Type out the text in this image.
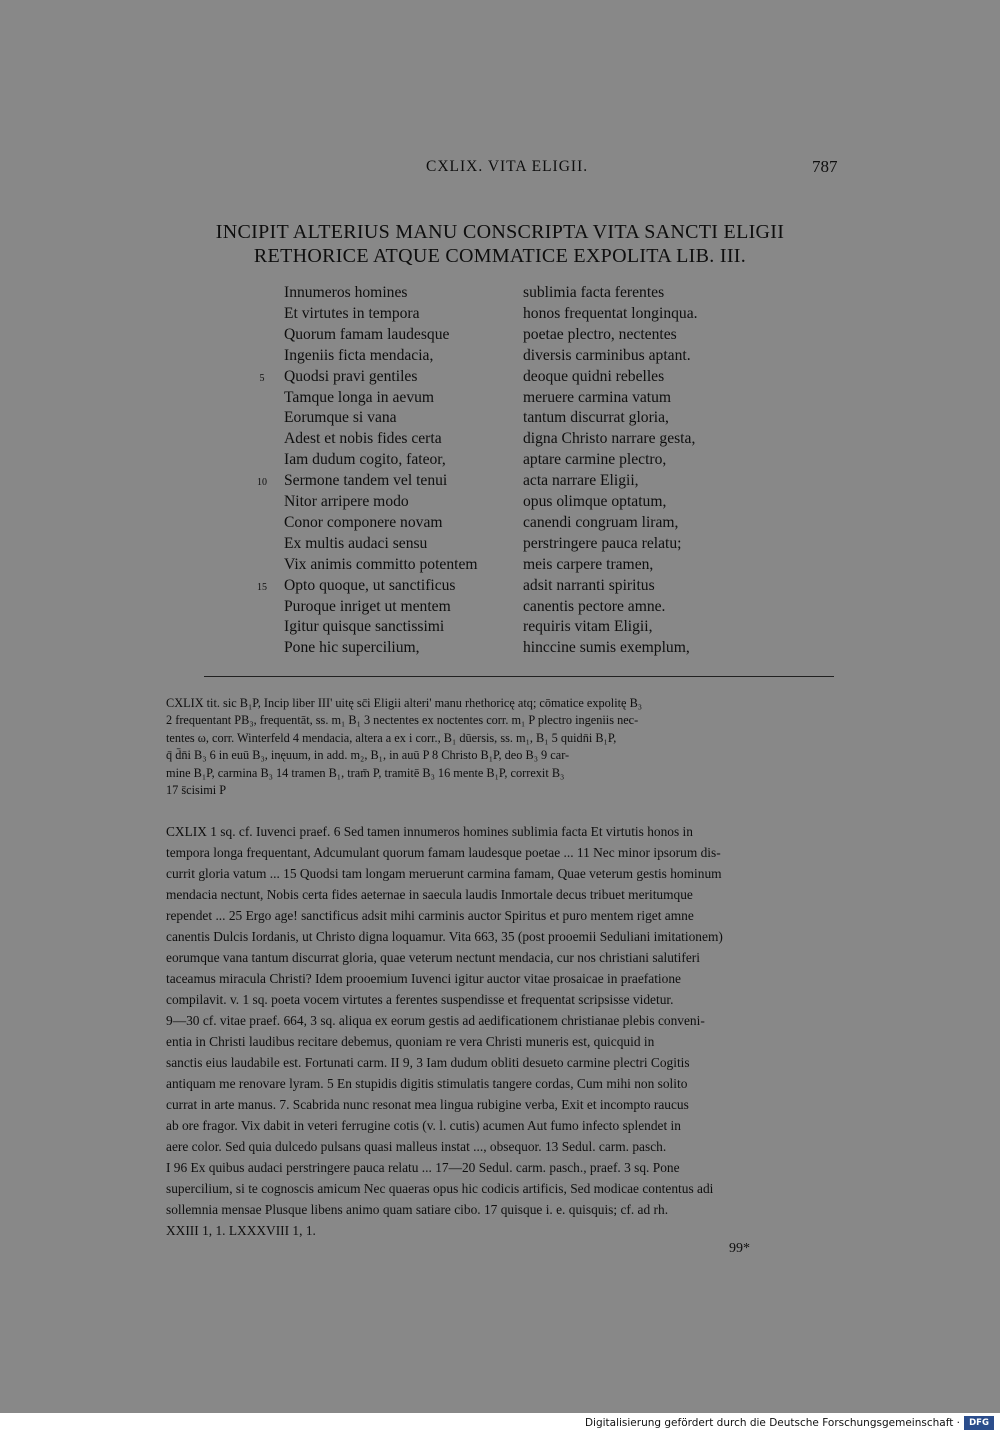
CXLIX. VITA ELIGII.	787
INCIPIT ALTERIUS MANU CONSCRIPTA VITA SANCTI ELIGII
RETHORICE ATQUE COMMATICE EXPOLITA LIB. III.
Innumeros homines	sublimia facta ferentes
Et virtutes in tempora	honos frequentat longinqua.
Quorum famam laudesque	poetae plectro, nectentes
Ingeniis ficta mendacia,	diversis carminibus aptant.
5	Quodsi pravi gentiles	deoque quidni rebelles
Tamque longa in aevum	meruere carmina vatum
Eorumque si vana	tantum discurrat gloria,
Adest et nobis fides certa	digna Christo narrare gesta,
Iam dudum cogito, fateor,	aptare carmine plectro,
10	Sermone tandem vel tenui	acta narrare Eligii,
Nitor arripere modo	opus olimque optatum,
Conor componere novam	canendi congruam liram,
Ex multis audaci sensu	perstringere pauca relatu;
Vix animis committo potentem	meis carpere tramen,
15	Opto quoque, ut sanctificus	adsit narranti spiritus
Puroque inriget ut mentem	canentis pectore amne.
Igitur quisque sanctissimi	requiris vitam Eligii,
Pone hic supercilium,	hinccine sumis exemplum,
CXLIX tit. sic B₁P, Incip liber III' uitę sc̄i Eligii alteri' manu rhethoricę atq; cōmatice expolitę B₃
2 frequentant PB₃, frequentāt, ss. m₁ B₁ 3 nectentes ex noctentes corr. m₁ P plectro ingeniis nec-
tentes ω, corr. Winterfeld 4 mendacia, altera a ex i corr., B₁ dūersis, ss. m₁, B₁ 5 quidn̄i B₁P,
q̄ d̄n̄i B₃ 6 in euū B₃, inęuum, in add. m₂, B₁, in auū P 8 Christo B₁P, deo B₃ 9 car-
mine B₁P, carmina B₃ 14 tramen B₁, tram̄ P, tramitē B₃ 16 mente B₁P, correxit B₃
17 s̄cisimi P
CXLIX 1 sq. cf. Iuvenci praef. 6 Sed tamen innumeros homines sublimia facta Et virtutis honos in
tempora longa frequentant, Adcumulant quorum famam laudesque poetae ... 11 Nec minor ipsorum dis-
currit gloria vatum ... 15 Quodsi tam longam meruerunt carmina famam, Quae veterum gestis hominum
mendacia nectunt, Nobis certa fides aeternae in saecula laudis Inmortale decus tribuet meritumque
rependet ... 25 Ergo age! sanctificus adsit mihi carminis auctor Spiritus et puro mentem riget amne
canentis Dulcis Iordanis, ut Christo digna loquamur. Vita 663, 35 (post prooemii Seduliani imitationem)
eorumque vana tantum discurrat gloria, quae veterum nectunt mendacia, cur nos christiani salutiferi
taceamus miracula Christi? Idem prooemium Iuvenci igitur auctor vitae prosaicae in praefatione
compilavit. v. 1 sq. poeta vocem virtutes a ferentes suspendisse et frequentat scripsisse videtur.
9—30 cf. vitae praef. 664, 3 sq. aliqua ex eorum gestis ad aedificationem christianae plebis conveni-
entia in Christi laudibus recitare debemus, quoniam re vera Christi muneris est, quicquid in
sanctis eius laudabile est. Fortunati carm. II 9, 3 Iam dudum obliti desueto carmine plectri Cogitis
antiquam me renovare lyram. 5 En stupidis digitis stimulatis tangere cordas, Cum mihi non solito
currat in arte manus. 7. Scabrida nunc resonat mea lingua rubigine verba, Exit et incompto raucus
ab ore fragor. Vix dabit in veteri ferrugine cotis (v. l. cutis) acumen Aut fumo infecto splendet in
aere color. Sed quia dulcedo pulsans quasi malleus instat ..., obsequor. 13 Sedul. carm. pasch.
I 96 Ex quibus audaci perstringere pauca relatu ... 17—20 Sedul. carm. pasch., praef. 3 sq. Pone
supercilium, si te cognoscis amicum Nec quaeras opus hic codicis artificis, Sed modicae contentus adi
sollemnia mensae Plusque libens animo quam satiare cibo. 17 quisque i. e. quisquis; cf. ad rh.
XXIII 1, 1. LXXXVIII 1, 1.
99*
Digitalisierung gefördert durch die Deutsche Forschungsgemeinschaft ·	DFG
